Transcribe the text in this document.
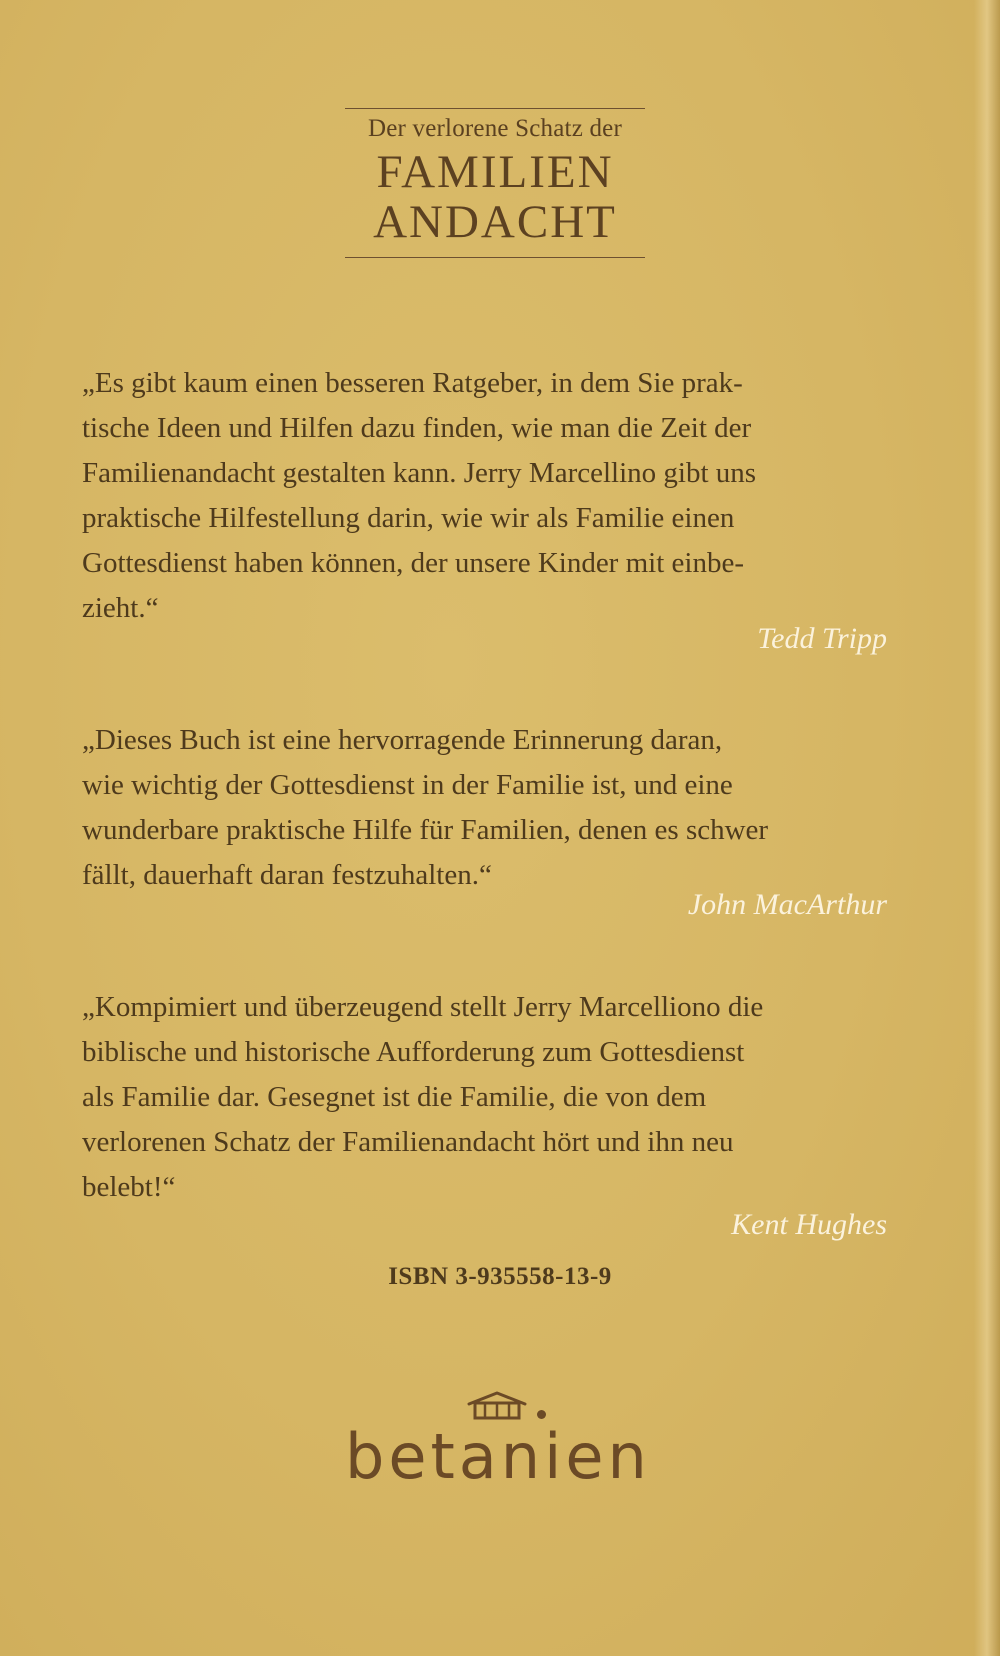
Der verlorene Schatz der
FAMILIEN
ANDACHT
„Es gibt kaum einen besseren Ratgeber, in dem Sie prak-
tische Ideen und Hilfen dazu finden, wie man die Zeit der
Familienandacht gestalten kann. Jerry Marcellino gibt uns
praktische Hilfestellung darin, wie wir als Familie einen
Gottesdienst haben können, der unsere Kinder mit einbe-
zieht.“
Tedd Tripp
„Dieses Buch ist eine hervorragende Erinnerung daran,
wie wichtig der Gottesdienst in der Familie ist, und eine
wunderbare praktische Hilfe für Familien, denen es schwer
fällt, dauerhaft daran festzuhalten.“
John MacArthur
„Kompimiert und überzeugend stellt Jerry Marcelliono die
biblische und historische Aufforderung zum Gottesdienst
als Familie dar. Gesegnet ist die Familie, die von dem
verlorenen Schatz der Familienandacht hört und ihn neu
belebt!“
Kent Hughes
ISBN 3-935558-13-9
betanien
